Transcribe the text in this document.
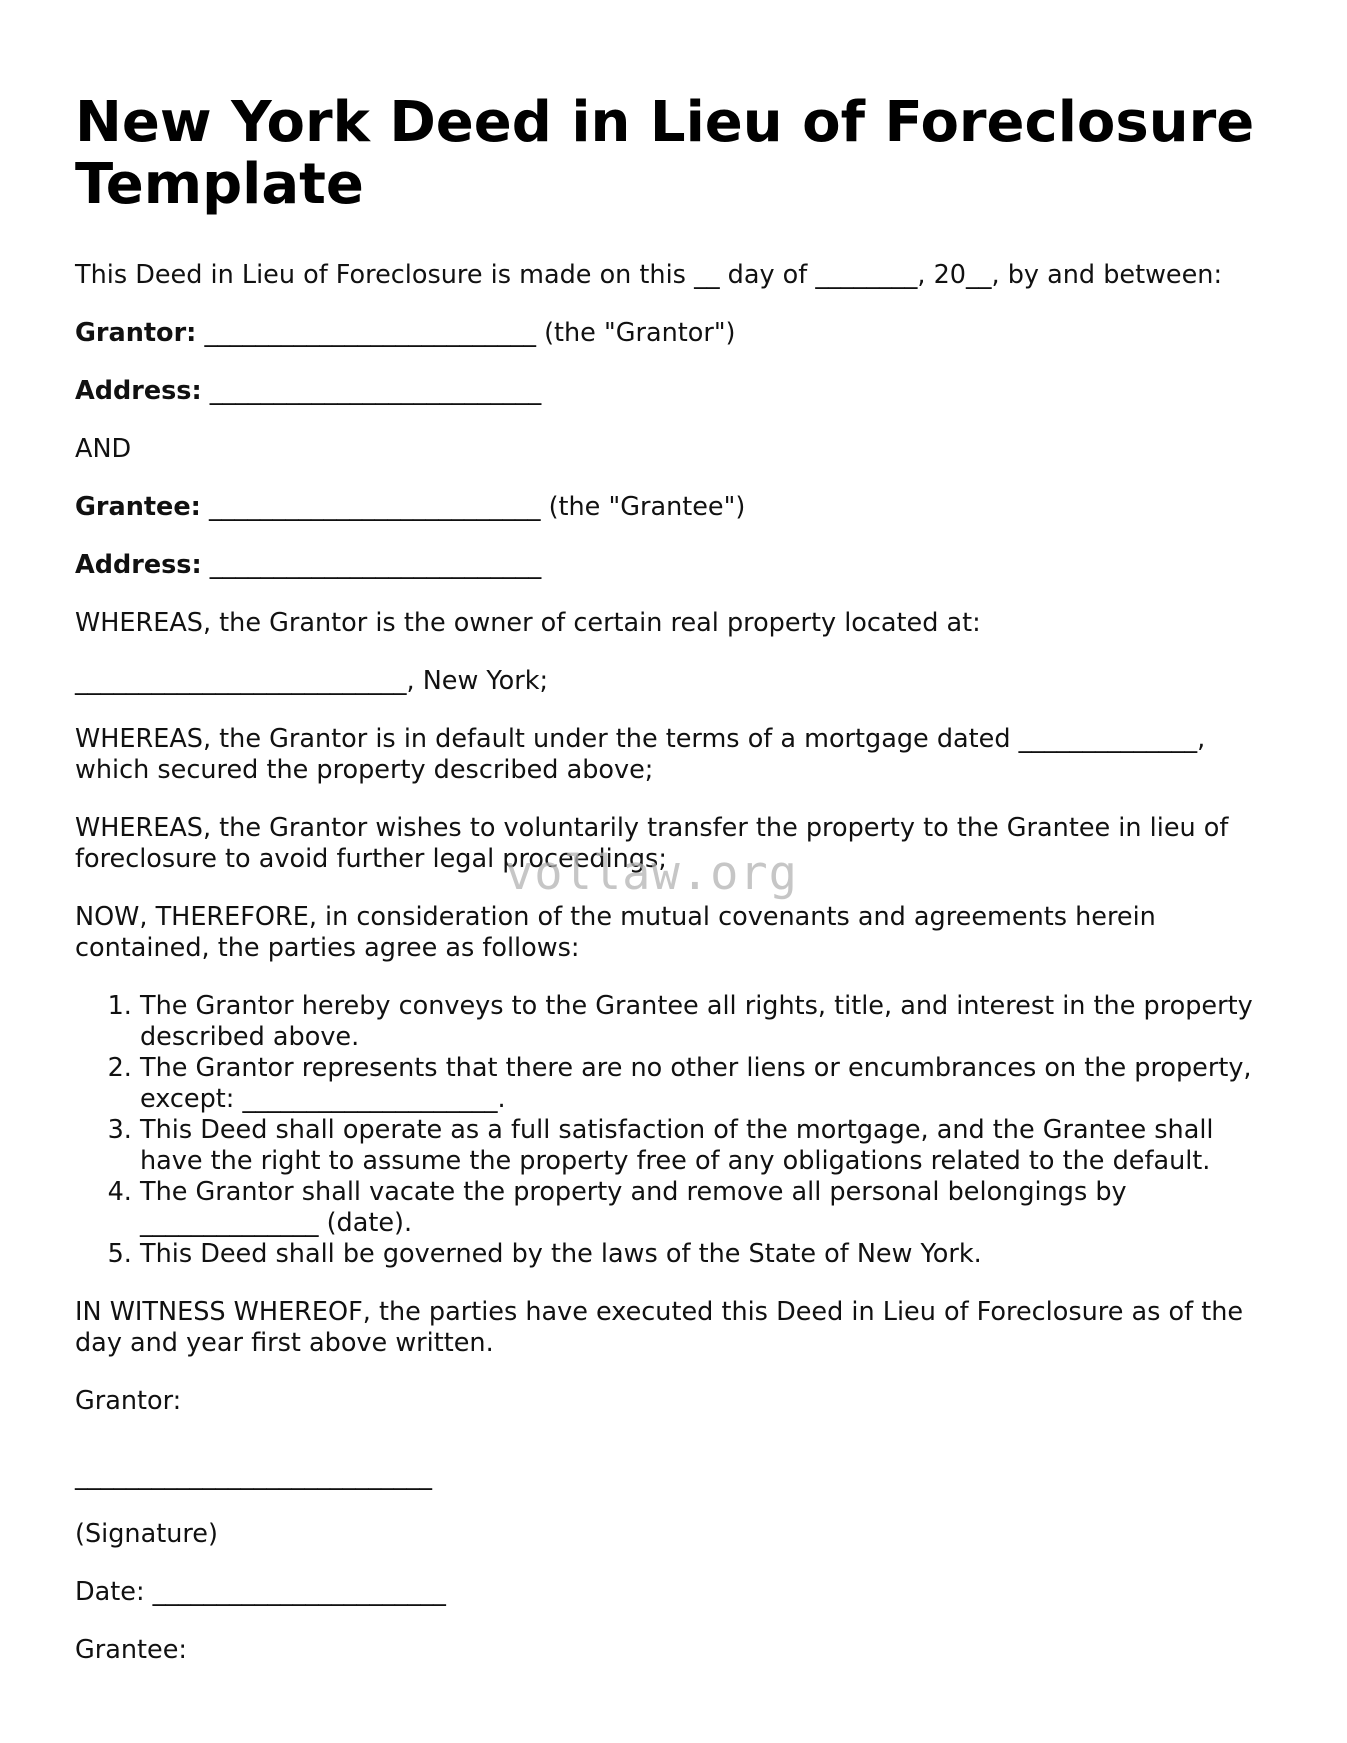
New York Deed in Lieu of Foreclosure Template

This Deed in Lieu of Foreclosure is made on this __ day of ________, 20__, by and between:

Grantor: __________________________ (the "Grantor")

Address: __________________________

AND

Grantee: __________________________ (the "Grantee")

Address: __________________________

WHEREAS, the Grantor is the owner of certain real property located at:

__________________________, New York;

WHEREAS, the Grantor is in default under the terms of a mortgage dated ______________, which secured the property described above;

WHEREAS, the Grantor wishes to voluntarily transfer the property to the Grantee in lieu of foreclosure to avoid further legal proceedings;

NOW, THEREFORE, in consideration of the mutual covenants and agreements herein contained, the parties agree as follows:

1. The Grantor hereby conveys to the Grantee all rights, title, and interest in the property described above.
2. The Grantor represents that there are no other liens or encumbrances on the property, except: ____________________.
3. This Deed shall operate as a full satisfaction of the mortgage, and the Grantee shall have the right to assume the property free of any obligations related to the default.
4. The Grantor shall vacate the property and remove all personal belongings by ______________ (date).
5. This Deed shall be governed by the laws of the State of New York.

IN WITNESS WHEREOF, the parties have executed this Deed in Lieu of Foreclosure as of the day and year first above written.

Grantor:

____________________________

(Signature)

Date: _______________________

Grantee:

vollaw.org
